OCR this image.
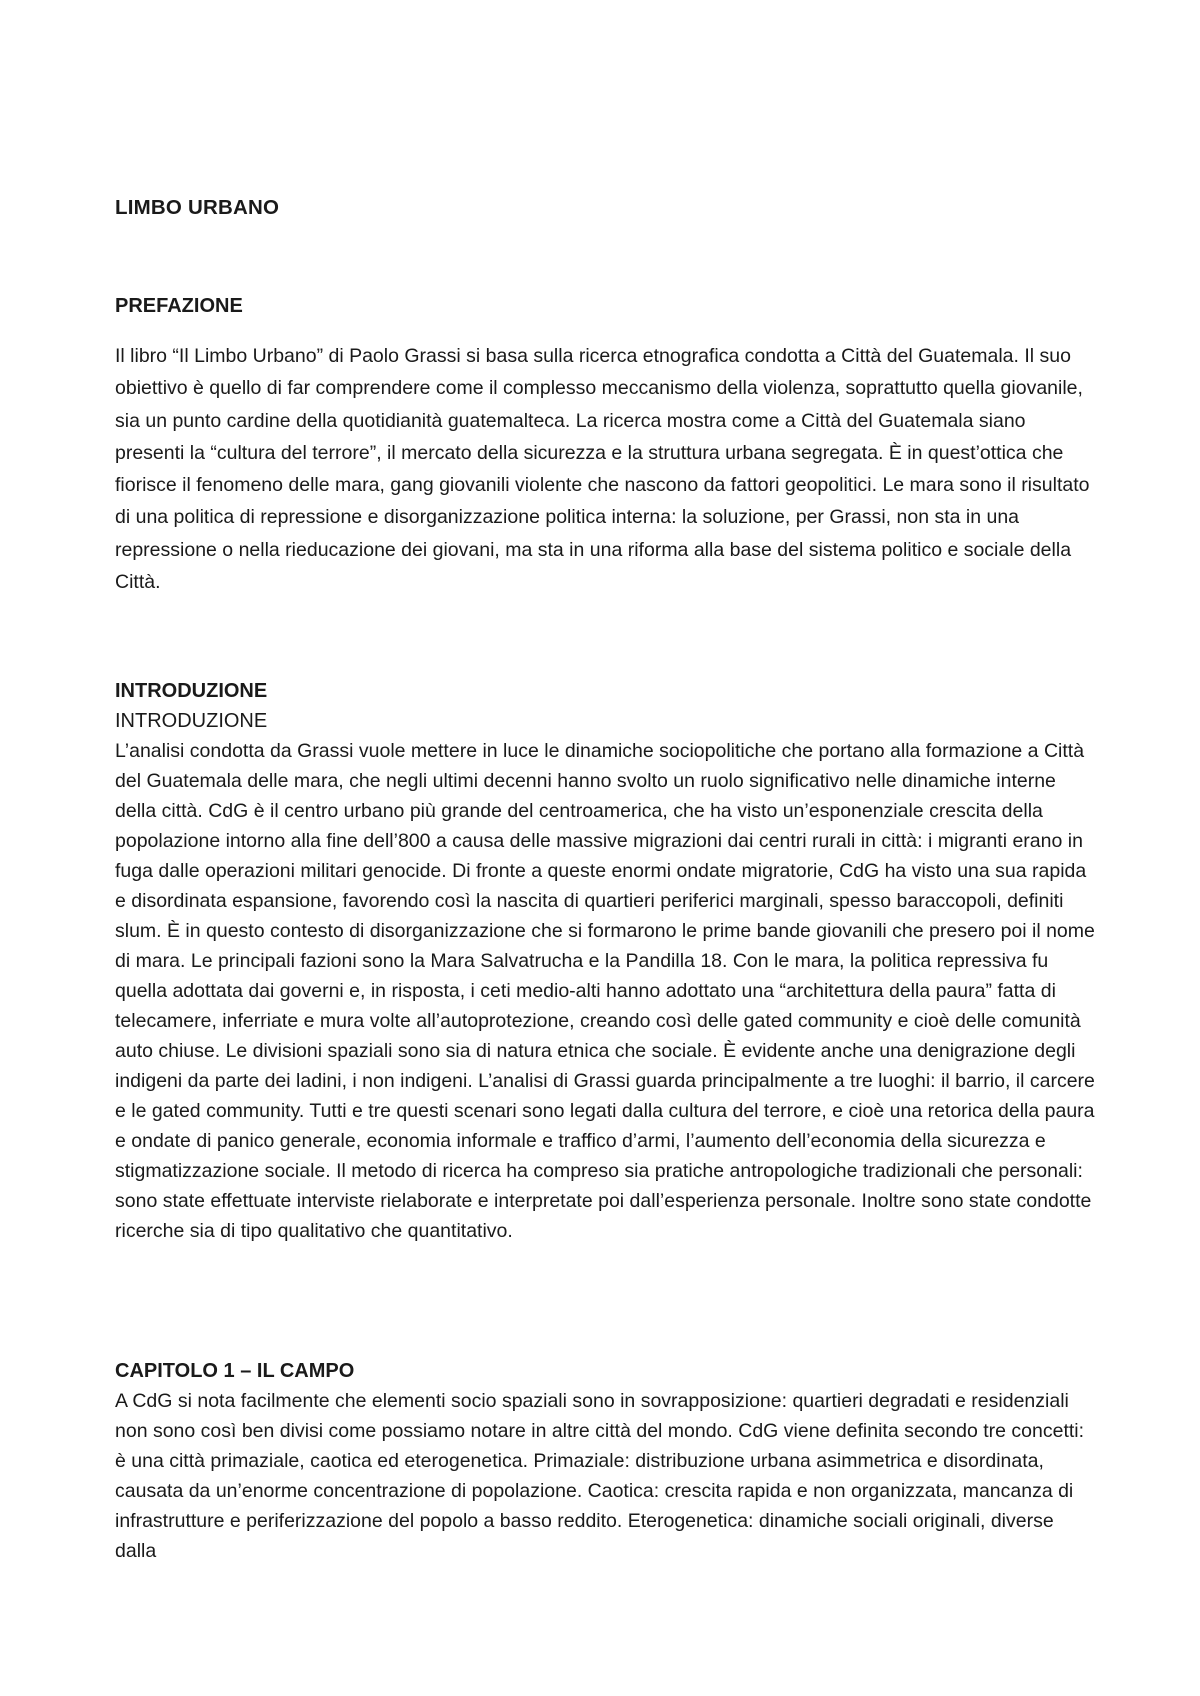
LIMBO URBANO
PREFAZIONE

Il libro “Il Limbo Urbano” di Paolo Grassi si basa sulla ricerca etnografica condotta a Città del Guatemala. Il suo obiettivo è quello di far comprendere come il complesso meccanismo della violenza, soprattutto quella giovanile, sia un punto cardine della quotidianità guatemalteca. La ricerca mostra come a Città del Guatemala siano presenti la “cultura del terrore”, il mercato della sicurezza e la struttura urbana segregata. È in quest’ottica che fiorisce il fenomeno delle mara, gang giovanili violente che nascono da fattori geopolitici. Le mara sono il risultato di una politica di repressione e disorganizzazione politica interna: la soluzione, per Grassi, non sta in una repressione o nella rieducazione dei giovani, ma sta in una riforma alla base del sistema politico e sociale della Città.

INTRODUZIONE
INTRODUZIONE

L’analisi condotta da Grassi vuole mettere in luce le dinamiche sociopolitiche che portano alla formazione a Città del Guatemala delle mara, che negli ultimi decenni hanno svolto un ruolo significativo nelle dinamiche interne della città. CdG è il centro urbano più grande del centroamerica, che ha visto un’esponenziale crescita della popolazione intorno alla fine dell’800 a causa delle massive migrazioni dai centri rurali in città: i migranti erano in fuga dalle operazioni militari genocide. Di fronte a queste enormi ondate migratorie, CdG ha visto una sua rapida e disordinata espansione, favorendo così la nascita di quartieri periferici marginali, spesso baraccopoli, definiti slum. È in questo contesto di disorganizzazione che si formarono le prime bande giovanili che presero poi il nome di mara. Le principali fazioni sono la Mara Salvatrucha e la Pandilla 18. Con le mara, la politica repressiva fu quella adottata dai governi e, in risposta, i ceti medio-alti hanno adottato una “architettura della paura” fatta di telecamere, inferriate e mura volte all’autoprotezione, creando così delle gated community e cioè delle comunità auto chiuse. Le divisioni spaziali sono sia di natura etnica che sociale. È evidente anche una denigrazione degli indigeni da parte dei ladini, i non indigeni. L’analisi di Grassi guarda principalmente a tre luoghi: il barrio, il carcere e le gated community. Tutti e tre questi scenari sono legati dalla cultura del terrore, e cioè una retorica della paura e ondate di panico generale, economia informale e traffico d’armi, l’aumento dell’economia della sicurezza e stigmatizzazione sociale. Il metodo di ricerca ha compreso sia pratiche antropologiche tradizionali che personali: sono state effettuate interviste rielaborate e interpretate poi dall’esperienza personale. Inoltre sono state condotte ricerche sia di tipo qualitativo che quantitativo.

CAPITOLO 1 – IL CAMPO

A CdG si nota facilmente che elementi socio spaziali sono in sovrapposizione: quartieri degradati e residenziali non sono così ben divisi come possiamo notare in altre città del mondo. CdG viene definita secondo tre concetti: è una città primaziale, caotica ed eterogenetica. Primaziale: distribuzione urbana asimmetrica e disordinata, causata da un’enorme concentrazione di popolazione. Caotica: crescita rapida e non organizzata, mancanza di infrastrutture e periferizzazione del popolo a basso reddito. Eterogenetica: dinamiche sociali originali, diverse dalla
